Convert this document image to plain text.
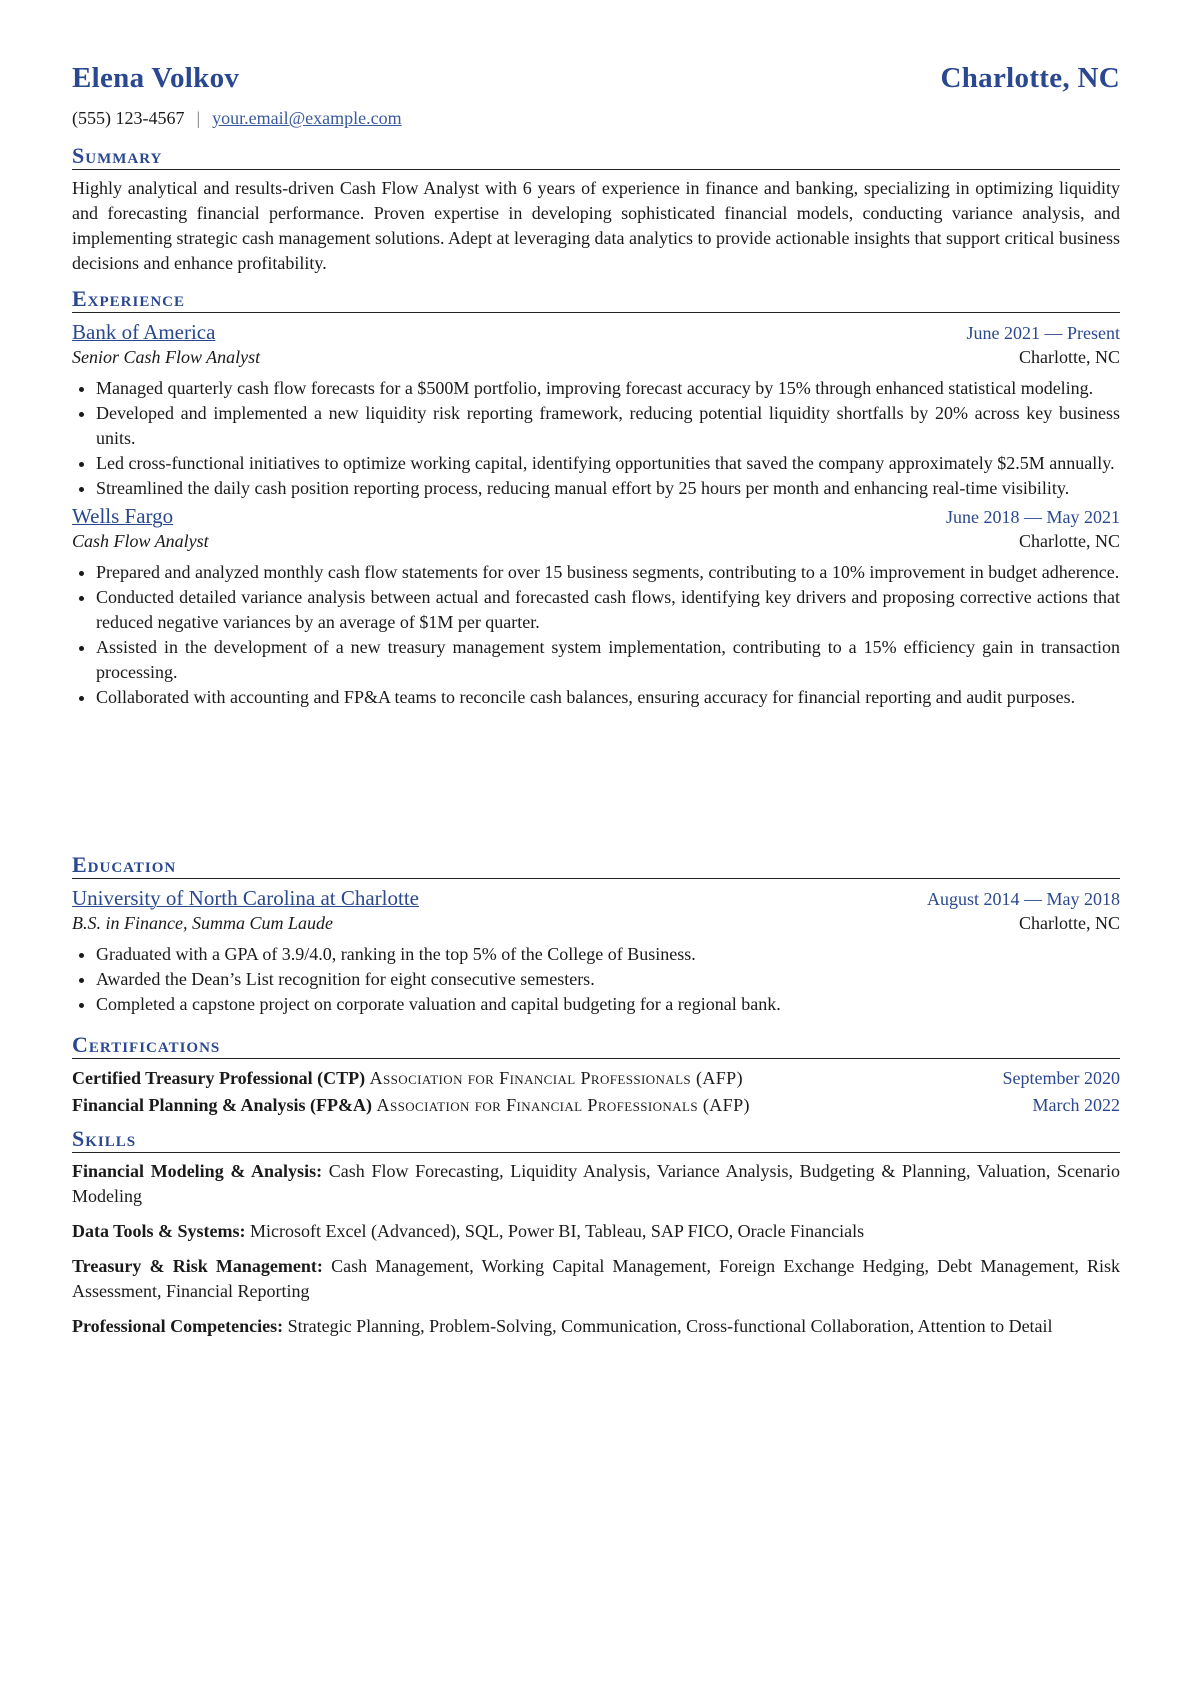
Elena Volkov	Charlotte, NC
(555) 123-4567 | your.email@example.com
Summary
Highly analytical and results-driven Cash Flow Analyst with 6 years of experience in finance and banking, specializing in optimizing liquidity and forecasting financial performance. Proven expertise in developing sophisticated financial models, conducting variance analysis, and implementing strategic cash management solutions. Adept at leveraging data analytics to provide actionable insights that support critical business decisions and enhance profitability.
Experience
Bank of America	June 2021 — Present
Senior Cash Flow Analyst	Charlotte, NC
• Managed quarterly cash flow forecasts for a $500M portfolio, improving forecast accuracy by 15% through enhanced statistical modeling.
• Developed and implemented a new liquidity risk reporting framework, reducing potential liquidity shortfalls by 20% across key business units.
• Led cross-functional initiatives to optimize working capital, identifying opportunities that saved the company approximately $2.5M annually.
• Streamlined the daily cash position reporting process, reducing manual effort by 25 hours per month and enhancing real-time visibility.
Wells Fargo	June 2018 — May 2021
Cash Flow Analyst	Charlotte, NC
• Prepared and analyzed monthly cash flow statements for over 15 business segments, contributing to a 10% improvement in budget adherence.
• Conducted detailed variance analysis between actual and forecasted cash flows, identifying key drivers and proposing corrective actions that reduced negative variances by an average of $1M per quarter.
• Assisted in the development of a new treasury management system implementation, contributing to a 15% efficiency gain in transaction processing.
• Collaborated with accounting and FP&A teams to reconcile cash balances, ensuring accuracy for financial reporting and audit purposes.
Education
University of North Carolina at Charlotte	August 2014 — May 2018
B.S. in Finance, Summa Cum Laude	Charlotte, NC
• Graduated with a GPA of 3.9/4.0, ranking in the top 5% of the College of Business.
• Awarded the Dean’s List recognition for eight consecutive semesters.
• Completed a capstone project on corporate valuation and capital budgeting for a regional bank.
Certifications
Certified Treasury Professional (CTP) Association for Financial Professionals (AFP)	September 2020
Financial Planning & Analysis (FP&A) Association for Financial Professionals (AFP)	March 2022
Skills
Financial Modeling & Analysis: Cash Flow Forecasting, Liquidity Analysis, Variance Analysis, Budgeting & Planning, Valuation, Scenario Modeling
Data Tools & Systems: Microsoft Excel (Advanced), SQL, Power BI, Tableau, SAP FICO, Oracle Financials
Treasury & Risk Management: Cash Management, Working Capital Management, Foreign Exchange Hedging, Debt Management, Risk Assessment, Financial Reporting
Professional Competencies: Strategic Planning, Problem-Solving, Communication, Cross-functional Collaboration, Attention to Detail
